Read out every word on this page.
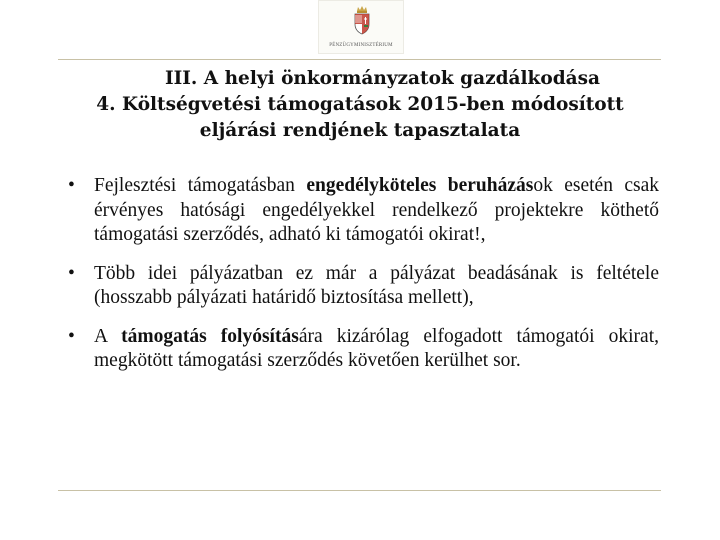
PÉNZÜGYMINISZTÉRIUM
III. A helyi önkormányzatok gazdálkodása
4. Költségvetési támogatások 2015-ben módosított
eljárási rendjének tapasztalata
• Fejlesztési támogatásban engedélyköteles beruházások esetén csak érvényes hatósági engedélyekkel rendelkező projektekre köthető támogatási szerződés, adható ki támogatói okirat!,
• Több idei pályázatban ez már a pályázat beadásának is feltétele (hosszabb pályázati határidő biztosítása mellett),
• A támogatás folyósítására kizárólag elfogadott támogatói okirat, megkötött támogatási szerződés követően kerülhet sor.
